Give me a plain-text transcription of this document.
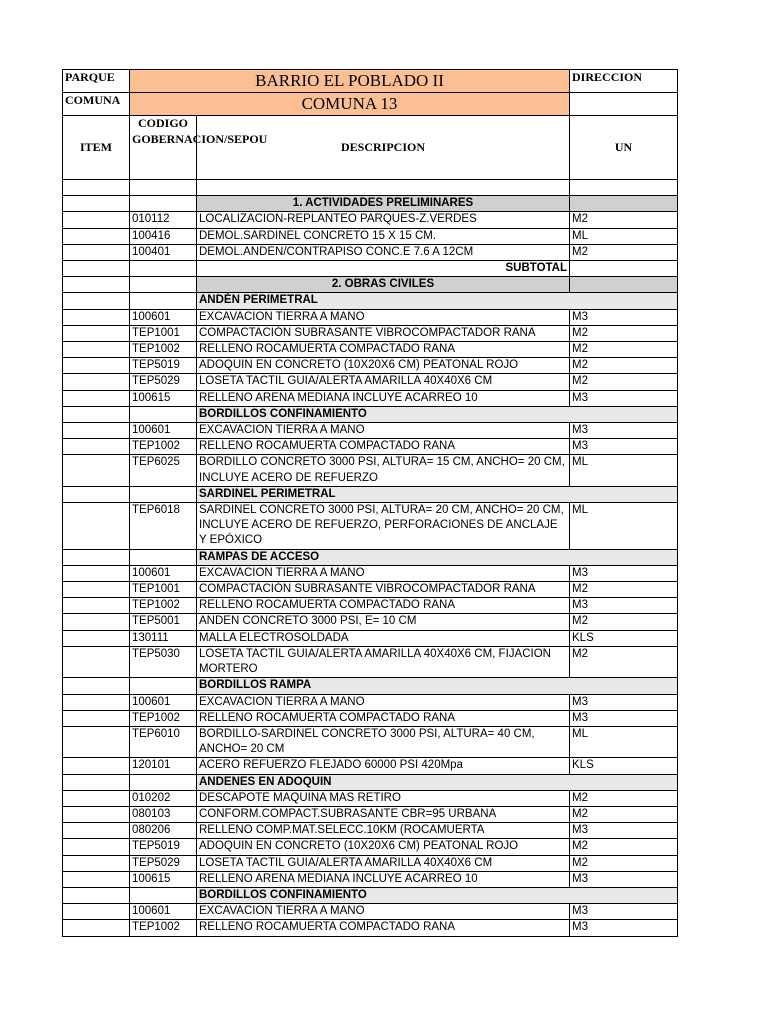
PARQUE	BARRIO EL POBLADO II		DIRECCION
COMUNA	COMUNA 13		
ITEM	CODIGO GOBERNACION/SEPOU	DESCRIPCION	UN

		1. ACTIVIDADES PRELIMINARES	
	010112	LOCALIZACION-REPLANTEO PARQUES-Z.VERDES	M2
	100416	DEMOL.SARDINEL CONCRETO 15 X 15 CM.	ML
	100401	DEMOL.ANDEN/CONTRAPISO CONC.E 7.6 A 12CM	M2
		SUBTOTAL	
		2. OBRAS CIVILES	
		ANDÉN PERIMETRAL	
	100601	EXCAVACION TIERRA A MANO	M3
	TEP1001	COMPACTACIÓN SUBRASANTE VIBROCOMPACTADOR RANA	M2
	TEP1002	RELLENO ROCAMUERTA COMPACTADO RANA	M2
	TEP5019	ADOQUIN EN CONCRETO (10X20X6 CM) PEATONAL ROJO	M2
	TEP5029	LOSETA TACTIL GUIA/ALERTA AMARILLA 40X40X6 CM	M2
	100615	RELLENO ARENA MEDIANA INCLUYE ACARREO 10	M3
		BORDILLOS CONFINAMIENTO	
	100601	EXCAVACION TIERRA A MANO	M3
	TEP1002	RELLENO ROCAMUERTA COMPACTADO RANA	M3
	TEP6025	BORDILLO CONCRETO 3000 PSI, ALTURA= 15 CM, ANCHO= 20 CM, INCLUYE ACERO DE REFUERZO	ML
		SARDINEL PERIMETRAL	
	TEP6018	SARDINEL CONCRETO 3000 PSI, ALTURA= 20 CM, ANCHO= 20 CM, INCLUYE ACERO DE REFUERZO, PERFORACIONES DE ANCLAJE Y EPÓXICO	ML
		RAMPAS DE ACCESO	
	100601	EXCAVACION TIERRA A MANO	M3
	TEP1001	COMPACTACIÓN SUBRASANTE VIBROCOMPACTADOR RANA	M2
	TEP1002	RELLENO ROCAMUERTA COMPACTADO RANA	M3
	TEP5001	ANDEN CONCRETO 3000 PSI, E= 10 CM	M2
	130111	MALLA ELECTROSOLDADA	KLS
	TEP5030	LOSETA TACTIL GUIA/ALERTA AMARILLA 40X40X6 CM, FIJACION MORTERO	M2
		BORDILLOS RAMPA	
	100601	EXCAVACION TIERRA A MANO	M3
	TEP1002	RELLENO ROCAMUERTA COMPACTADO RANA	M3
	TEP6010	BORDILLO-SARDINEL CONCRETO 3000 PSI, ALTURA= 40 CM, ANCHO= 20 CM	ML
	120101	ACERO REFUERZO FLEJADO 60000 PSI 420Mpa	KLS
		ANDENES EN ADOQUIN	
	010202	DESCAPOTE MAQUINA MAS RETIRO	M2
	080103	CONFORM.COMPACT.SUBRASANTE CBR=95 URBANA	M2
	080206	RELLENO COMP.MAT.SELECC.10KM (ROCAMUERTA	M3
	TEP5019	ADOQUIN EN CONCRETO (10X20X6 CM) PEATONAL ROJO	M2
	TEP5029	LOSETA TACTIL GUIA/ALERTA AMARILLA 40X40X6 CM	M2
	100615	RELLENO ARENA MEDIANA INCLUYE ACARREO 10	M3
		BORDILLOS CONFINAMIENTO	
	100601	EXCAVACION TIERRA A MANO	M3
	TEP1002	RELLENO ROCAMUERTA COMPACTADO RANA	M3
